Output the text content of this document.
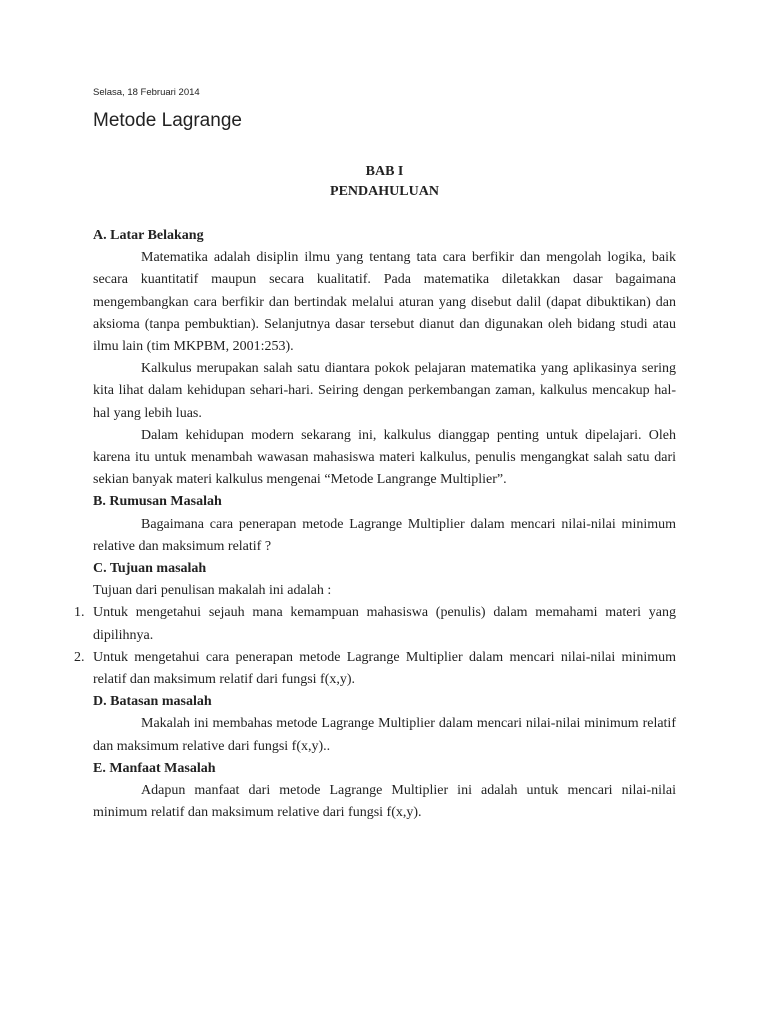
Selasa, 18 Februari 2014
Metode Lagrange

BAB I

PENDAHULUAN

A. Latar Belakang

Matematika adalah disiplin ilmu yang tentang tata cara berfikir dan mengolah logika, baik secara kuantitatif maupun secara kualitatif. Pada matematika diletakkan dasar bagaimana mengembangkan cara berfikir dan bertindak melalui aturan yang disebut dalil (dapat dibuktikan) dan aksioma (tanpa pembuktian). Selanjutnya dasar tersebut dianut dan digunakan oleh bidang studi atau ilmu lain (tim MKPBM, 2001:253).

Kalkulus merupakan salah satu diantara pokok pelajaran matematika yang aplikasinya sering kita lihat dalam kehidupan sehari-hari. Seiring dengan perkembangan zaman, kalkulus mencakup hal-hal yang lebih luas.

Dalam kehidupan modern sekarang ini, kalkulus dianggap penting untuk dipelajari. Oleh karena itu untuk menambah wawasan mahasiswa materi kalkulus, penulis mengangkat salah satu dari sekian banyak materi kalkulus mengenai “Metode Langrange Multiplier”.

B. Rumusan Masalah

Bagaimana cara penerapan metode Lagrange Multiplier dalam mencari nilai-nilai minimum relative dan maksimum relatif ?

C. Tujuan masalah

Tujuan dari penulisan makalah ini adalah :

1. Untuk mengetahui sejauh mana kemampuan mahasiswa (penulis) dalam memahami materi yang dipilihnya.
2. Untuk mengetahui cara penerapan metode Lagrange Multiplier dalam mencari nilai-nilai minimum relatif dan maksimum relatif dari fungsi f(x,y).

D. Batasan masalah

Makalah ini membahas metode Lagrange Multiplier dalam mencari nilai-nilai minimum relatif dan maksimum relative dari fungsi f(x,y)..

E. Manfaat Masalah

Adapun manfaat dari metode Lagrange Multiplier ini adalah untuk mencari nilai-nilai minimum relatif dan maksimum relative dari fungsi f(x,y).
